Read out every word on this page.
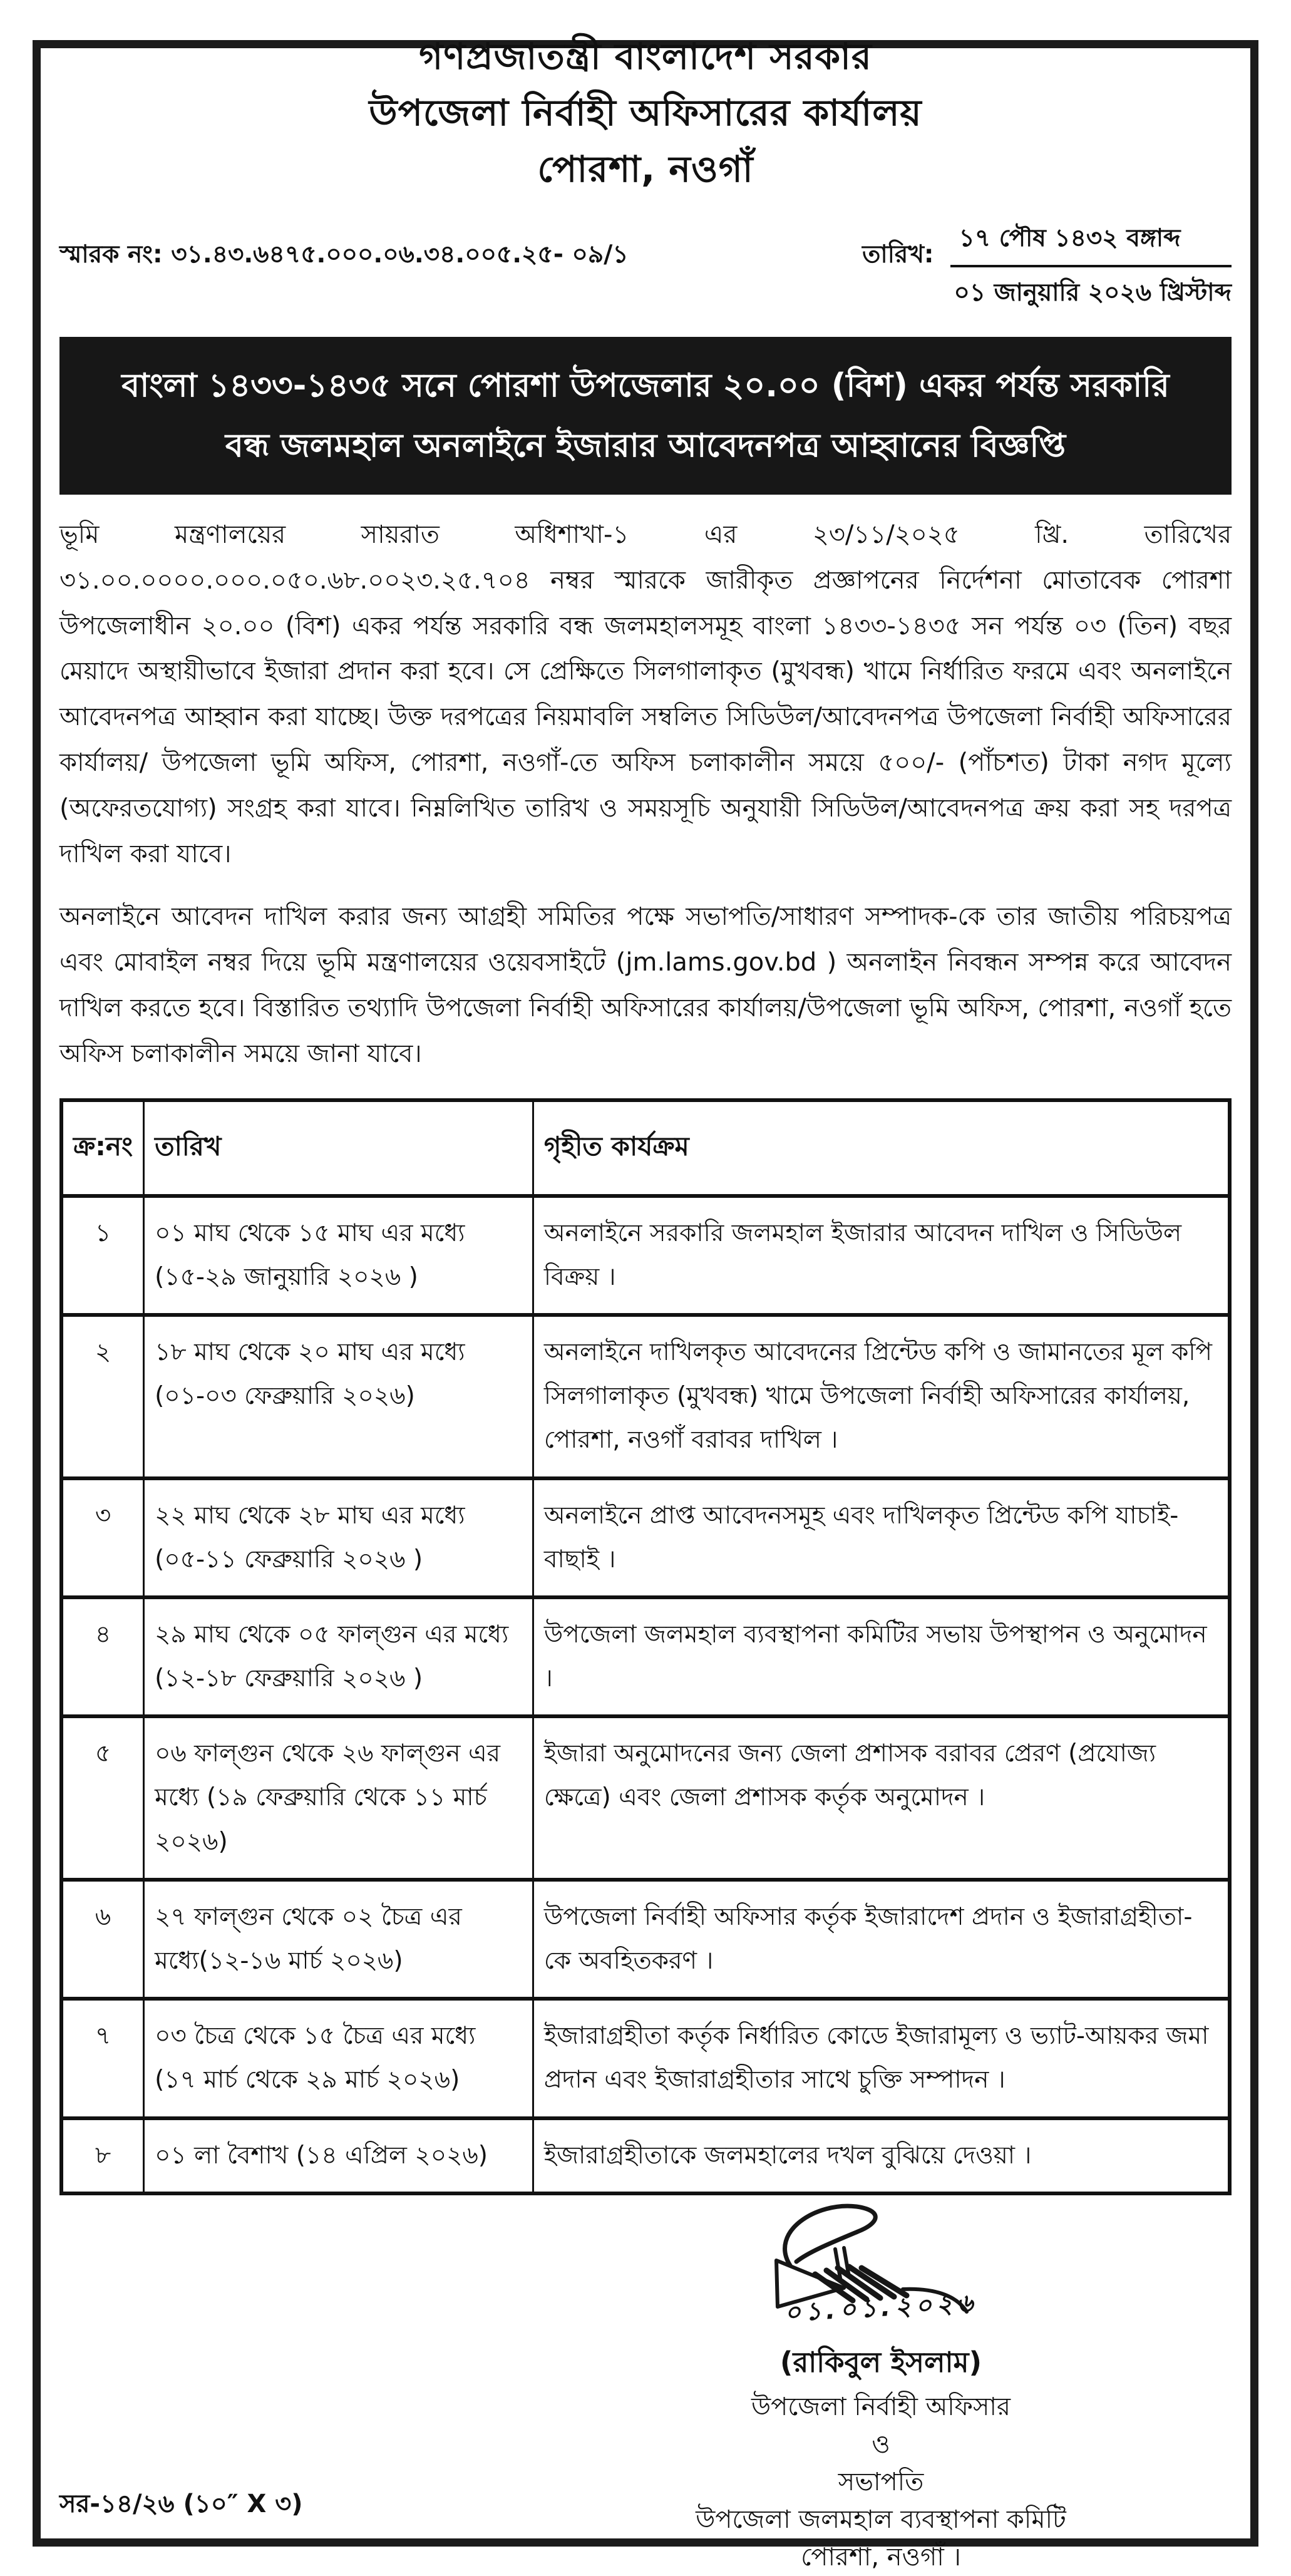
গণপ্রজাতন্ত্রী বাংলাদেশ সরকার
উপজেলা নির্বাহী অফিসারের কার্যালয়
পোরশা, নওগাঁ
স্মারক নং: ৩১.৪৩.৬৪৭৫.০০০.০৬.৩৪.০০৫.২৫- ০৯/১	তারিখ:
১৭ পৌষ ১৪৩২ বঙ্গাব্দ
০১ জানুয়ারি ২০২৬ খ্রিস্টাব্দ
বাংলা ১৪৩৩-১৪৩৫ সনে পোরশা উপজেলার ২০.০০ (বিশ) একর পর্যন্ত সরকারি
বন্ধ জলমহাল অনলাইনে ইজারার আবেদনপত্র আহ্বানের বিজ্ঞপ্তি

ভূমি মন্ত্রণালয়ের সায়রাত অধিশাখা-১ এর ২৩/১১/২০২৫ খ্রি. তারিখের ৩১.০০.০০০০.০০০.০৫০.৬৮.০০২৩.২৫.৭০৪ নম্বর স্মারকে জারীকৃত প্রজ্ঞাপনের নির্দেশনা মোতাবেক পোরশা উপজেলাধীন ২০.০০ (বিশ) একর পর্যন্ত সরকারি বন্ধ জলমহালসমূহ বাংলা ১৪৩৩-১৪৩৫ সন পর্যন্ত ০৩ (তিন) বছর মেয়াদে অস্থায়ীভাবে ইজারা প্রদান করা হবে। সে প্রেক্ষিতে সিলগালাকৃত (মুখবন্ধ) খামে নির্ধারিত ফরমে এবং অনলাইনে আবেদনপত্র আহ্বান করা যাচ্ছে। উক্ত দরপত্রের নিয়মাবলি সম্বলিত সিডিউল/আবেদনপত্র উপজেলা নির্বাহী অফিসারের কার্যালয়/ উপজেলা ভূমি অফিস, পোরশা, নওগাঁ-তে অফিস চলাকালীন সময়ে ৫০০/- (পাঁচশত) টাকা নগদ মূল্যে (অফেরতযোগ্য) সংগ্রহ করা যাবে। নিম্নলিখিত তারিখ ও সময়সূচি অনুযায়ী সিডিউল/আবেদনপত্র ক্রয় করা সহ দরপত্র দাখিল করা যাবে।

অনলাইনে আবেদন দাখিল করার জন্য আগ্রহী সমিতির পক্ষে সভাপতি/সাধারণ সম্পাদক-কে তার জাতীয় পরিচয়পত্র এবং মোবাইল নম্বর দিয়ে ভূমি মন্ত্রণালয়ের ওয়েবসাইটে (jm.lams.gov.bd ) অনলাইন নিবন্ধন সম্পন্ন করে আবেদন দাখিল করতে হবে। বিস্তারিত তথ্যাদি উপজেলা নির্বাহী অফিসারের কার্যালয়/উপজেলা ভূমি অফিস, পোরশা, নওগাঁ হতে অফিস চলাকালীন সময়ে জানা যাবে।

ক্র:নং	তারিখ	গৃহীত কার্যক্রম
১	০১ মাঘ থেকে ১৫ মাঘ এর মধ্যে (১৫-২৯ জানুয়ারি ২০২৬ )	অনলাইনে সরকারি জলমহাল ইজারার আবেদন দাখিল ও সিডিউল বিক্রয় ।
২	১৮ মাঘ থেকে ২০ মাঘ এর মধ্যে (০১-০৩ ফেব্রুয়ারি ২০২৬)	অনলাইনে দাখিলকৃত আবেদনের প্রিন্টেড কপি ও জামানতের মূল কপি সিলগালাকৃত (মুখবন্ধ) খামে উপজেলা নির্বাহী অফিসারের কার্যালয়, পোরশা, নওগাঁ বরাবর দাখিল ।
৩	২২ মাঘ থেকে ২৮ মাঘ এর মধ্যে (০৫-১১ ফেব্রুয়ারি ২০২৬ )	অনলাইনে প্রাপ্ত আবেদনসমূহ এবং দাখিলকৃত প্রিন্টেড কপি যাচাই-বাছাই ।
৪	২৯ মাঘ থেকে ০৫ ফাল্গুন এর মধ্যে (১২-১৮ ফেব্রুয়ারি ২০২৬ )	উপজেলা জলমহাল ব্যবস্থাপনা কমিটির সভায় উপস্থাপন ও অনুমোদন ।
৫	০৬ ফাল্গুন থেকে ২৬ ফাল্গুন এর মধ্যে (১৯ ফেব্রুয়ারি থেকে ১১ মার্চ ২০২৬)	ইজারা অনুমোদনের জন্য জেলা প্রশাসক বরাবর প্রেরণ (প্রযোজ্য ক্ষেত্রে) এবং জেলা প্রশাসক কর্তৃক অনুমোদন ।
৬	২৭ ফাল্গুন থেকে ০২ চৈত্র এর মধ্যে(১২-১৬ মার্চ ২০২৬)	উপজেলা নির্বাহী অফিসার কর্তৃক ইজারাদেশ প্রদান ও ইজারাগ্রহীতা-কে অবহিতকরণ ।
৭	০৩ চৈত্র থেকে ১৫ চৈত্র এর মধ্যে (১৭ মার্চ থেকে ২৯ মার্চ ২০২৬)	ইজারাগ্রহীতা কর্তৃক নির্ধারিত কোডে ইজারামূল্য ও ভ্যাট-আয়কর জমা প্রদান এবং ইজারাগ্রহীতার সাথে চুক্তি সম্পাদন ।
৮	০১ লা বৈশাখ (১৪ এপ্রিল ২০২৬)	ইজারাগ্রহীতাকে জলমহালের দখল বুঝিয়ে দেওয়া ।
০১.০১.২০২৬
(রাকিবুল ইসলাম)
উপজেলা নির্বাহী অফিসার
ও
সভাপতি
উপজেলা জলমহাল ব্যবস্থাপনা কমিটি
পোরশা, নওগাঁ ।
সর-১৪/২৬ (১০″ X ৩)
